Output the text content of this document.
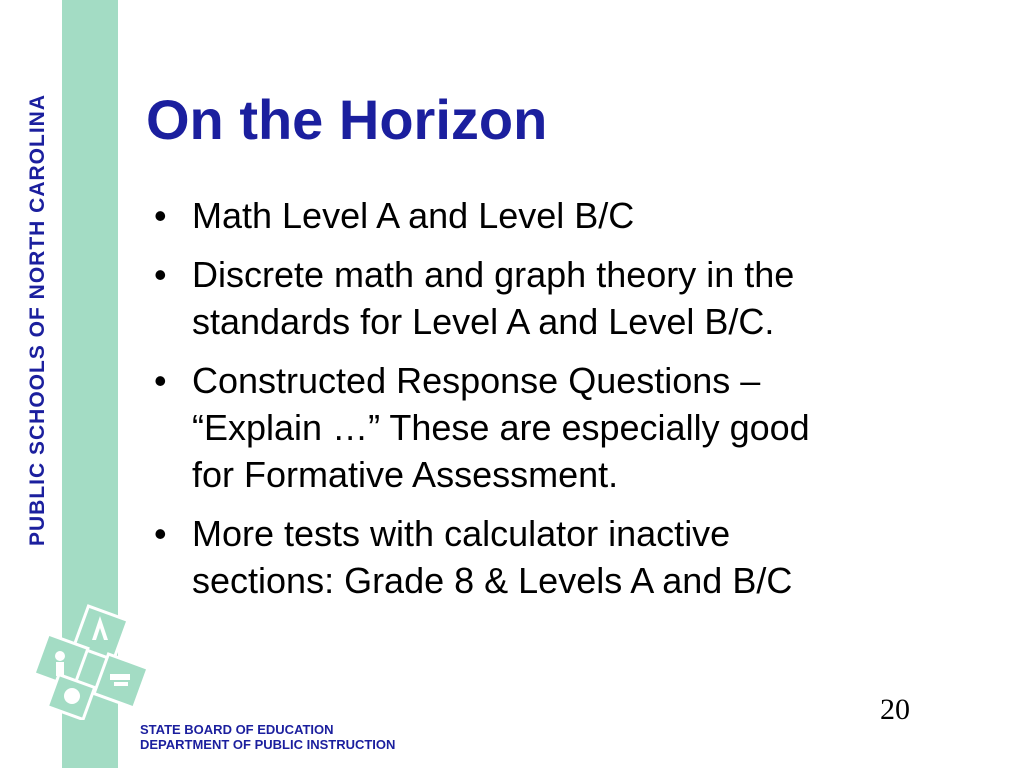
PUBLIC SCHOOLS OF NORTH CAROLINA On the Horizon
• Math Level A and Level B/C
• Discrete math and graph theory in the
standards for Level A and Level B/C.
• Constructed Response Questions –
“Explain …” These are especially good
for Formative Assessment.
• More tests with calculator inactive
sections: Grade 8 & Levels A and B/C
20
STATE BOARD OF EDUCATION
DEPARTMENT OF PUBLIC INSTRUCTION
